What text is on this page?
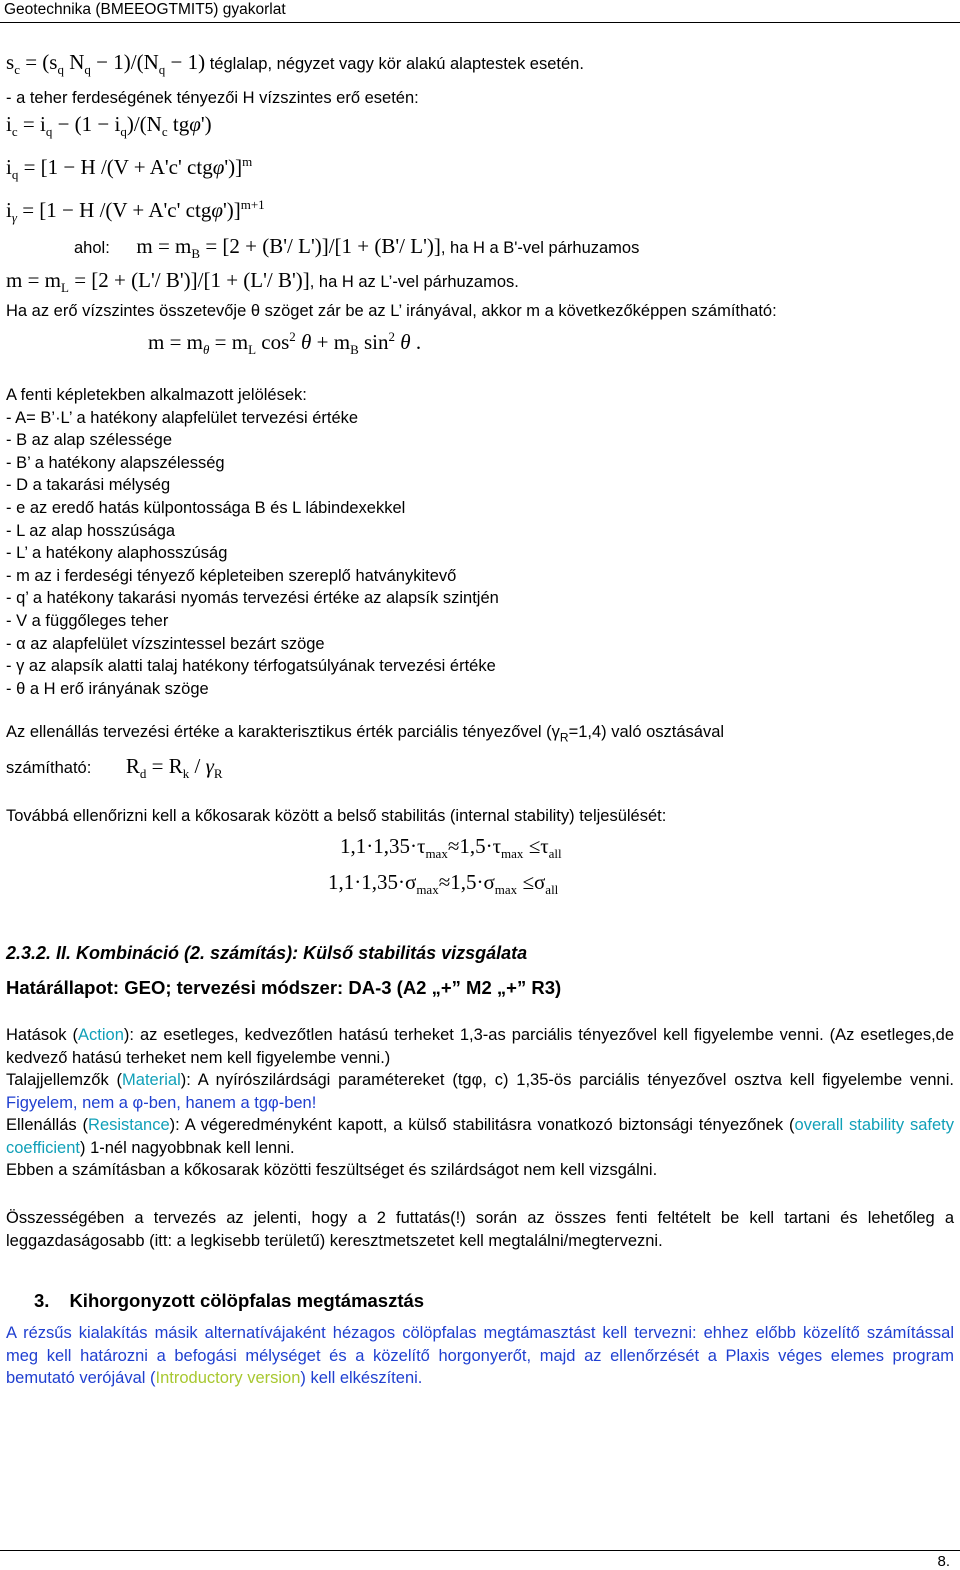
Geotechnika (BMEEOGTMIT5) gyakorlat
$s_c = (s_q$ $N_q - 1)/(N_q - 1)$ téglalap, négyzet vagy kör alakú alaptestek esetén.
- a teher ferdeségének tényezői H vízszintes erő esetén:
$i_c = i_q - (1 - i_q)/(N_c$ tgφ')
$i_q = [1 - H$ /(V + A'c' ctgφ')]$^m$
$i_\gamma = [1 - H$ /(V + A'c' ctgφ')]$^{m+1}$
ahol: $m = m_B = [2 + (B'/$ L')]/[1 + (B'/ L')], ha H a B'-vel párhuzamos
$m = m_L = [2 + (L'/$ B')]/[1 + (L'/ B')], ha H az L’-vel párhuzamos.
Ha az erő vízszintes összetevője θ szöget zár be az L’ irányával, akkor m a következőképpen számítható:
$m = m_\theta = m_L$ $\cos^2 \theta + m_B$ $\sin^2 \theta$ .
A fenti képletekben alkalmazott jelölések:
- A= B’·L’ a hatékony alapfelület tervezési értéke
- B az alap szélessége
- B’ a hatékony alapszélesség
- D a takarási mélység
- e az eredő hatás külpontossága B és L lábindexekkel
- L az alap hosszúsága
- L’ a hatékony alaphosszúság
- m az i ferdeségi tényező képleteiben szereplő hatványkitevő
- q’ a hatékony takarási nyomás tervezési értéke az alapsík szintjén
- V a függőleges teher
- α az alapfelület vízszintessel bezárt szöge
- γ az alapsík alatti talaj hatékony térfogatsúlyának tervezési értéke
- θ a H erő irányának szöge
Az ellenállás tervezési értéke a karakterisztikus érték parciális tényezővel $(\gamma_R=1,4)$ való osztásával
számítható: $R_d = R_k / \gamma_R$
Továbbá ellenőrizni kell a kőkosarak között a belső stabilitás (internal stability) teljesülését:
$1,1\cdot 1,35\cdot\tau_{max}\approx 1,5\cdot\tau_{max} \le\tau_{all}$
$1,1\cdot 1,35\cdot\sigma_{max}\approx 1,5\cdot\sigma_{max} \le\sigma_{all}$
2.3.2. II. Kombináció (2. számítás): Külső stabilitás vizsgálata
Határállapot: GEO; tervezési módszer: DA-3 (A2 „+” M2 „+” R3)
Hatások (Action): az esetleges, kedvezőtlen hatású terheket 1,3-as parciális tényezővel kell figyelembe venni. (Az esetleges,de kedvező hatású terheket nem kell figyelembe venni.)
Talajjellemzők (Material): A nyírószilárdsági paramétereket (tgφ, c) 1,35-ös parciális tényezővel osztva kell figyelembe venni. Figyelem, nem a φ-ben, hanem a tgφ-ben!
Ellenállás (Resistance): A végeredményként kapott, a külső stabilitásra vonatkozó biztonsági tényezőnek (overall stability safety coefficient) 1-nél nagyobbnak kell lenni.
Ebben a számításban a kőkosarak közötti feszültséget és szilárdságot nem kell vizsgálni.
Összességében a tervezés az jelenti, hogy a 2 futtatás(!) során az összes fenti feltételt be kell tartani és lehetőleg a leggazdaságosabb (itt: a legkisebb területű) keresztmetszetet kell megtalálni/megtervezni.
3. Kihorgonyzott cölöpfalas megtámasztás
A rézsűs kialakítás másik alternatívájaként hézagos cölöpfalas megtámasztást kell tervezni: ehhez előbb közelítő számítással meg kell határozni a befogási mélységet és a közelítő horgonyerőt, majd az ellenőrzését a Plaxis véges elemes program bemutató verójával (Introductory version) kell elkészíteni.
8.
